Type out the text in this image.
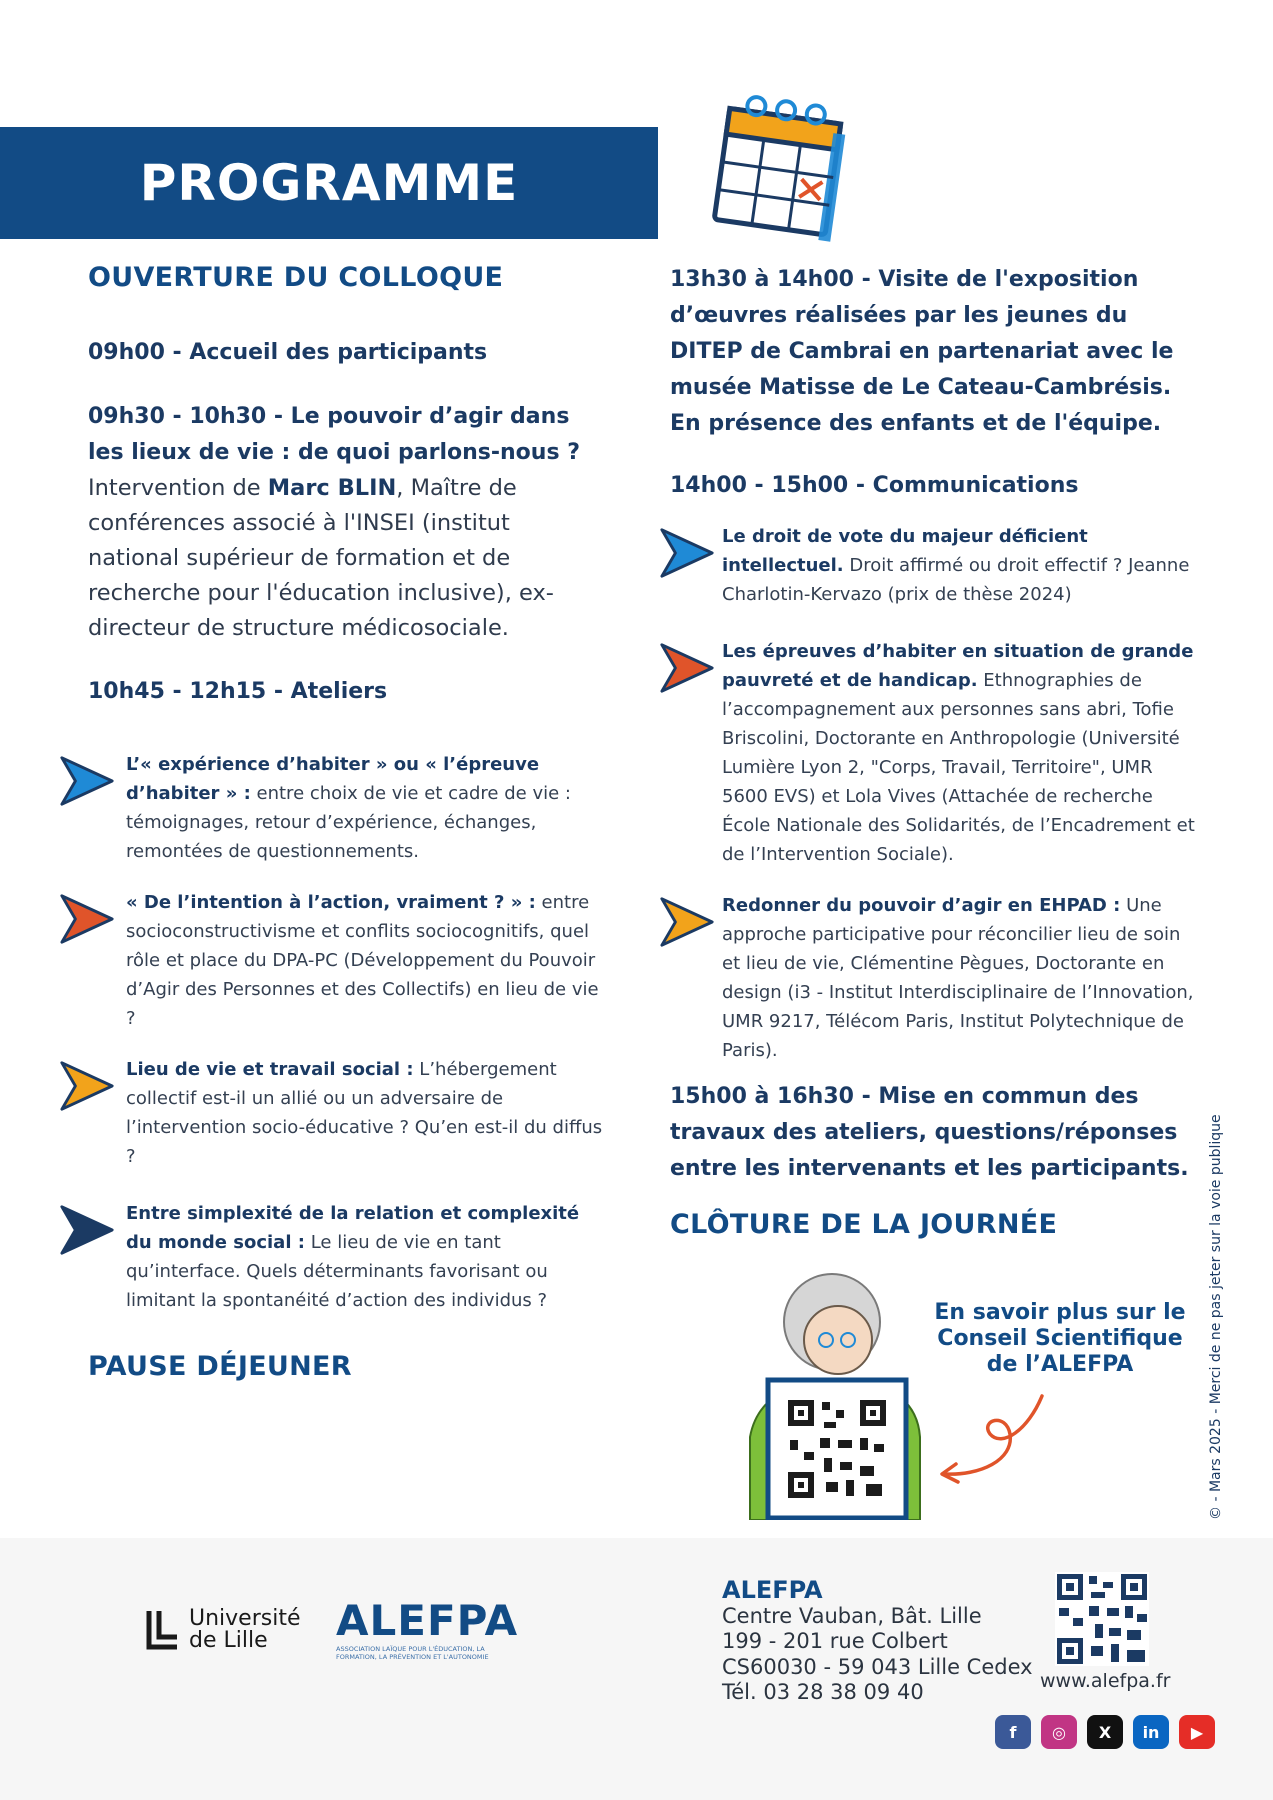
PROGRAMME
OUVERTURE DU COLLOQUE
09h00 - Accueil des participants
09h30 - 10h30 - Le pouvoir d’agir dans les lieux de vie : de quoi parlons-nous ?
Intervention de Marc BLIN, Maître de conférences associé à l'INSEI (institut national supérieur de formation et de recherche pour l'éducation inclusive), ex-directeur de structure médicosociale.
10h45 - 12h15 - Ateliers
L’« expérience d’habiter » ou « l’épreuve d’habiter » : entre choix de vie et cadre de vie : témoignages, retour d’expérience, échanges, remontées de questionnements.
« De l’intention à l’action, vraiment ? » : entre socioconstructivisme et conflits sociocognitifs, quel rôle et place du DPA-PC (Développement du Pouvoir d’Agir des Personnes et des Collectifs) en lieu de vie ?
Lieu de vie et travail social : L’hébergement collectif est-il un allié ou un adversaire de l’intervention socio-éducative ? Qu’en est-il du diffus ?
Entre simplexité de la relation et complexité du monde social : Le lieu de vie en tant qu’interface. Quels déterminants favorisant ou limitant la spontanéité d’action des individus ?
PAUSE DÉJEUNER
13h30 à 14h00 - Visite de l'exposition d’œuvres réalisées par les jeunes du DITEP de Cambrai en partenariat avec le musée Matisse de Le Cateau-Cambrésis. En présence des enfants et de l'équipe.
14h00 - 15h00 - Communications
Le droit de vote du majeur déficient intellectuel. Droit affirmé ou droit effectif ? Jeanne Charlotin-Kervazo (prix de thèse 2024)
Les épreuves d’habiter en situation de grande pauvreté et de handicap. Ethnographies de l’accompagnement aux personnes sans abri, Tofie Briscolini, Doctorante en Anthropologie (Université Lumière Lyon 2, "Corps, Travail, Territoire", UMR 5600 EVS) et Lola Vives (Attachée de recherche École Nationale des Solidarités, de l’Encadrement et de l’Intervention Sociale).
Redonner du pouvoir d’agir en EHPAD : Une approche participative pour réconcilier lieu de soin et lieu de vie, Clémentine Pègues, Doctorante en design (i3 - Institut Interdisciplinaire de l’Innovation, UMR 9217, Télécom Paris, Institut Polytechnique de Paris).
15h00 à 16h30 - Mise en commun des travaux des ateliers, questions/réponses entre les intervenants et les participants.
CLÔTURE DE LA JOURNÉE
En savoir plus sur le Conseil Scientifique de l’ALEFPA	© - Mars 2025 - Merci de ne pas jeter sur la voie publique
Université
de Lille	ALEFPA
ASSOCIATION LAÏQUE POUR L'ÉDUCATION, LA FORMATION, LA PRÉVENTION ET L'AUTONOMIE
ALEFPA
Centre Vauban, Bât. Lille
199 - 201 rue Colbert
CS60030 - 59 043 Lille Cedex
Tél. 03 28 38 09 40	www.alefpa.fr
f	◎	X	in	▶
